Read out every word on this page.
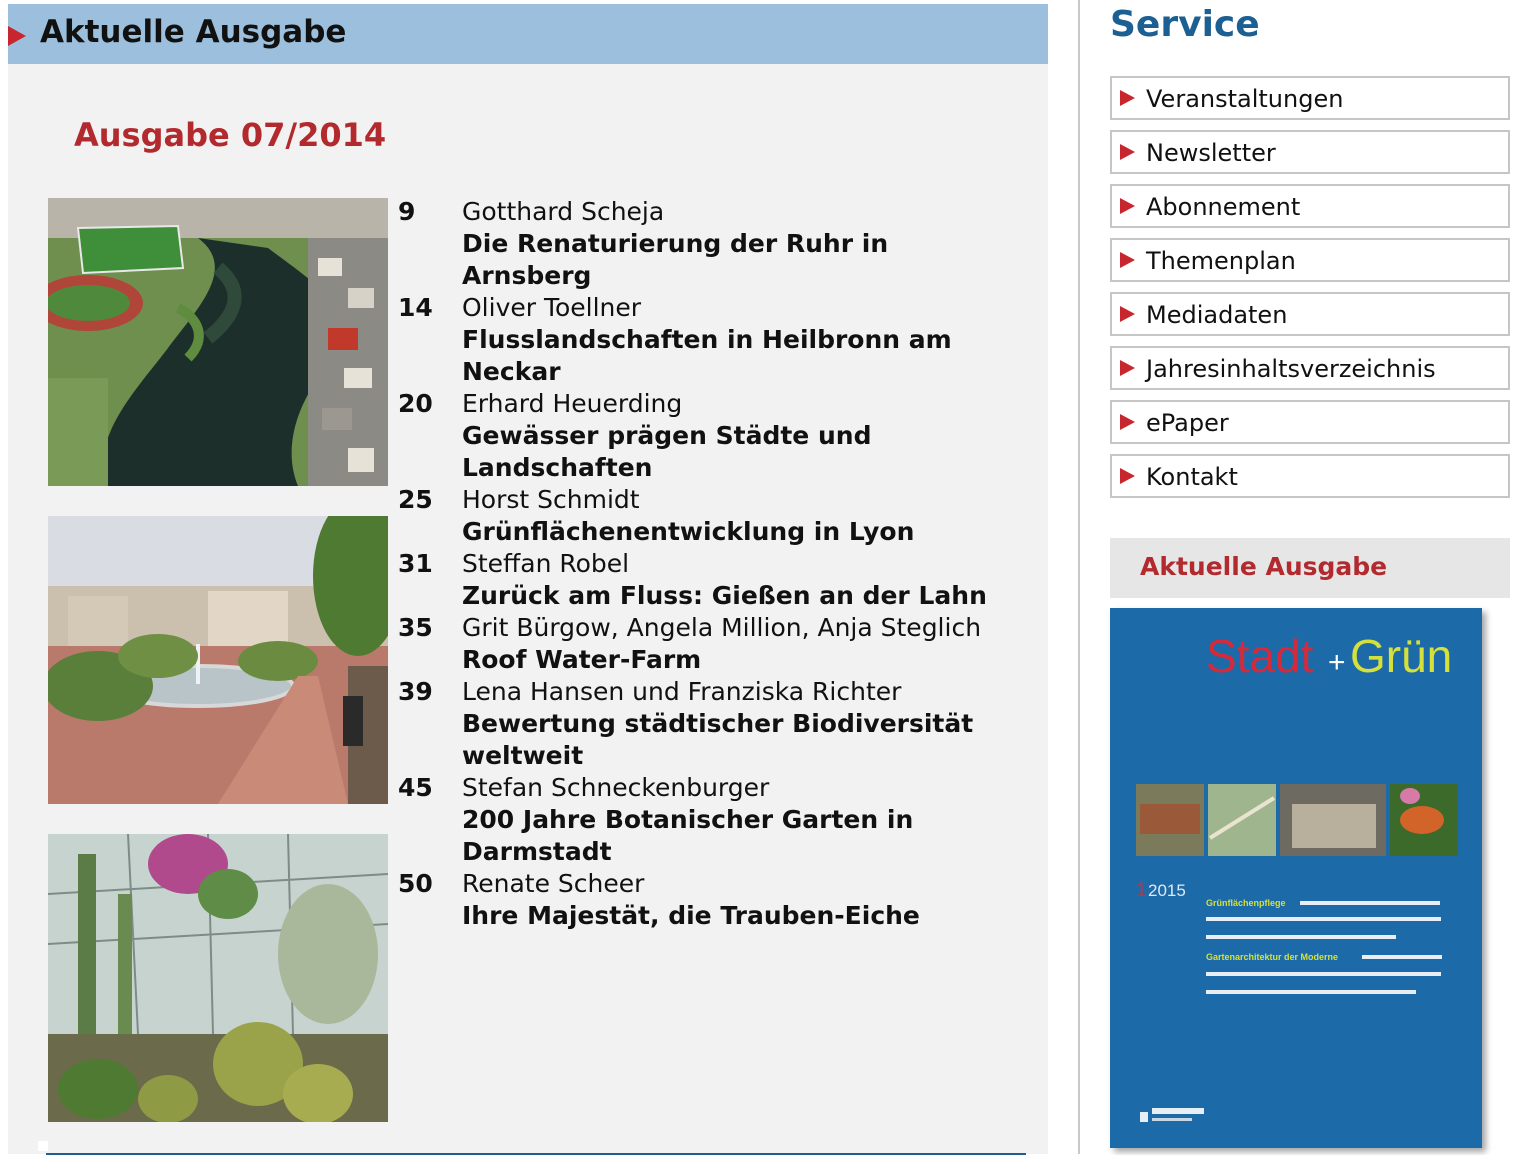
Aktuelle Ausgabe
Ausgabe 07/2014
9 Gotthard Scheja
Die Renaturierung der Ruhr in Arnsberg
14 Oliver Toellner
Flusslandschaften in Heilbronn am Neckar
20 Erhard Heuerding
Gewässer prägen Städte und Landschaften
25 Horst Schmidt
Grünflächenentwicklung in Lyon
31 Steffan Robel
Zurück am Fluss: Gießen an der Lahn
35 Grit Bürgow, Angela Million, Anja Steglich
Roof Water-Farm
39 Lena Hansen und Franziska Richter
Bewertung städtischer Biodiversität weltweit
45 Stefan Schneckenburger
200 Jahre Botanischer Garten in Darmstadt
50 Renate Scheer
Ihre Majestät, die Trauben-Eiche
Service
Veranstaltungen
Newsletter
Abonnement
Themenplan
Mediadaten
Jahresinhaltsverzeichnis
ePaper
Kontakt
Aktuelle Ausgabe
Stadt + Grün
1 2015
Grünflächenpflege
Gartenarchitektur der Moderne
